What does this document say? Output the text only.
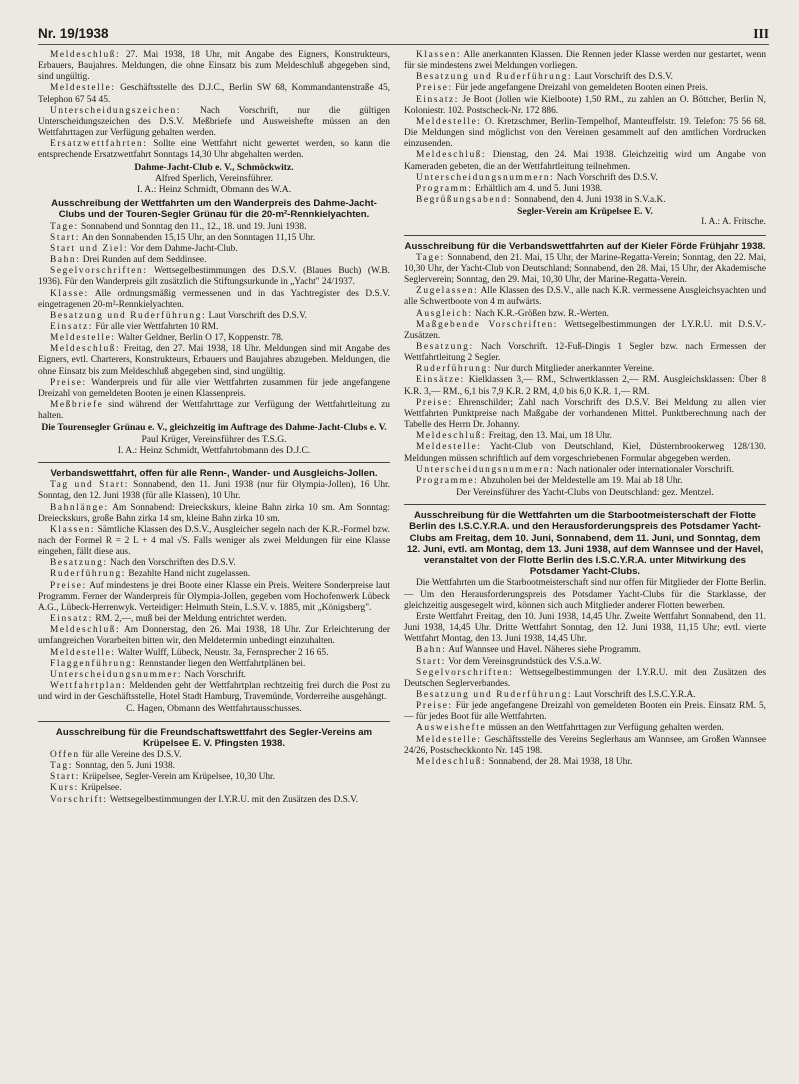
Nr. 19/1938	III

Meldeschluß: 27. Mai 1938, 18 Uhr, mit Angabe des Eigners, Konstrukteurs, Erbauers, Baujahres. Meldungen, die ohne Einsatz bis zum Meldeschluß abgegeben sind, sind ungültig.

Meldestelle: Geschäftsstelle des D.J.C., Berlin SW 68, Kommandantenstraße 45, Telephon 67 54 45.

Unterscheidungszeichen: Nach Vorschrift, nur die gültigen Unterscheidungszeichen des D.S.V. Meßbriefe und Ausweishefte müssen an den Wettfahrttagen zur Verfügung gehalten werden.

Ersatzwettfahrten: Sollte eine Wettfahrt nicht gewertet werden, so kann die entsprechende Ersatzwettfahrt Sonntags 14,30 Uhr abgehalten werden.

Dahme-Jacht-Club e. V., Schmöckwitz.
Alfred Sperlich, Vereinsführer.
I. A.: Heinz Schmidt, Obmann des W.A.
Ausschreibung der Wettfahrten um den Wanderpreis des Dahme-Jacht-Clubs und der Touren-Segler Grünau für die 20-m²-Rennkielyachten.

Tage: Sonnabend und Sonntag den 11., 12., 18. und 19. Juni 1938.

Start: An den Sonnabenden 15,15 Uhr, an den Sonntagen 11,15 Uhr.

Start und Ziel: Vor dem Dahme-Jacht-Club.

Bahn: Drei Runden auf dem Seddinsee.

Segelvorschriften: Wettsegelbestimmungen des D.S.V. (Blaues Buch) (W.B. 1936). Für den Wanderpreis gilt zusätzlich die Stiftungsurkunde in „Yacht" 24/1937.

Klasse: Alle ordnungsmäßig vermessenen und in das Yachtregister des D.S.V. eingetragenen 20-m²-Rennkielyachten.

Besatzung und Ruderführung: Laut Vorschrift des D.S.V.

Einsatz: Für alle vier Wettfahrten 10 RM.

Meldestelle: Walter Geldner, Berlin O 17, Koppenstr. 78.

Meldeschluß: Freitag, den 27. Mai 1938, 18 Uhr. Meldungen sind mit Angabe des Eigners, evtl. Charterers, Konstrukteurs, Erbauers und Baujahres abzugeben. Meldungen, die ohne Einsatz bis zum Meldeschluß abgegeben sind, sind ungültig.

Preise: Wanderpreis und für alle vier Wettfahrten zusammen für jede angefangene Dreizahl von gemeldeten Booten je einen Klassenpreis.

Meßbriefe sind während der Wettfahrttage zur Verfügung der Wettfahrtleitung zu halten.

Die Tourensegler Grünau e. V., gleichzeitig im Auftrage des Dahme-Jacht-Clubs e. V.
Paul Krüger, Vereinsführer des T.S.G.
I. A.: Heinz Schmidt, Wettfahrtobmann des D.J.C.
Verbandswettfahrt, offen für alle Renn-, Wander- und Ausgleichs-Jollen.

Tag und Start: Sonnabend, den 11. Juni 1938 (nur für Olympia-Jollen), 16 Uhr. Sonntag, den 12. Juni 1938 (für alle Klassen), 10 Uhr.

Bahnlänge: Am Sonnabend: Dreieckskurs, kleine Bahn zirka 10 sm. Am Sonntag: Dreieckskurs, große Bahn zirka 14 sm, kleine Bahn zirka 10 sm.

Klassen: Sämtliche Klassen des D.S.V., Ausgleicher segeln nach der K.R.-Formel bzw. nach der Formel R = 2 L + 4 mal √S. Falls weniger als zwei Meldungen für eine Klasse eingehen, fällt diese aus.

Besatzung: Nach den Vorschriften des D.S.V.

Ruderführung: Bezahlte Hand nicht zugelassen.

Preise: Auf mindestens je drei Boote einer Klasse ein Preis. Weitere Sonderpreise laut Programm. Ferner der Wanderpreis für Olympia-Jollen, gegeben vom Hochofenwerk Lübeck A.G., Lübeck-Herrenwyk. Verteidiger: Helmuth Stein, L.S.V. v. 1885, mit „Königsberg".

Einsatz: RM. 2,—, muß bei der Meldung entrichtet werden.

Meldeschluß: Am Donnerstag, den 26. Mai 1938, 18 Uhr. Zur Erleichterung der umfangreichen Vorarbeiten bitten wir, den Meldetermin unbedingt einzuhalten.

Meldestelle: Walter Wulff, Lübeck, Neustr. 3a, Fernsprecher 2 16 65.

Flaggenführung: Rennstander liegen den Wettfahrtplänen bei.

Unterscheidungsnummer: Nach Vorschrift.

Wettfahrtplan: Meldenden geht der Wettfahrtplan rechtzeitig frei durch die Post zu und wird in der Geschäftsstelle, Hotel Stadt Hamburg, Travemünde, Vorderreihe ausgehängt.

C. Hagen, Obmann des Wettfahrtausschusses.
Ausschreibung für die Freundschaftswettfahrt des Segler-Vereins am Krüpelsee E. V. Pfingsten 1938.

Offen für alle Vereine des D.S.V.

Tag: Sonntag, den 5. Juni 1938.

Start: Krüpelsee, Segler-Verein am Krüpelsee, 10,30 Uhr.

Kurs: Krüpelsee.

Vorschrift: Wettsegelbestimmungen der I.Y.R.U. mit den Zusätzen des D.S.V.

Klassen: Alle anerkannten Klassen. Die Rennen jeder Klasse werden nur gestartet, wenn für sie mindestens zwei Meldungen vorliegen.

Besatzung und Ruderführung: Laut Vorschrift des D.S.V.

Preise: Für jede angefangene Dreizahl von gemeldeten Booten einen Preis.

Einsatz: Je Boot (Jollen wie Kielboote) 1,50 RM., zu zahlen an O. Böttcher, Berlin N, Koloniestr. 102. Postscheck-Nr. 172 886.

Meldestelle: O. Kretzschmer, Berlin-Tempelhof, Manteuffelstr. 19. Telefon: 75 56 68. Die Meldungen sind möglichst von den Vereinen gesammelt auf den amtlichen Vordrucken einzusenden.

Meldeschluß: Dienstag, den 24. Mai 1938. Gleichzeitig wird um Angabe von Kameraden gebeten, die an der Wettfahrtleitung teilnehmen.

Unterscheidungsnummern: Nach Vorschrift des D.S.V.

Programm: Erhältlich am 4. und 5. Juni 1938.

Begrüßungsabend: Sonnabend, den 4. Juni 1938 in S.V.a.K.

Segler-Verein am Krüpelsee E. V.
I. A.: A. Fritsche.
Ausschreibung für die Verbandswettfahrten auf der Kieler Förde Frühjahr 1938.

Tage: Sonnabend, den 21. Mai, 15 Uhr, der Marine-Regatta-Verein; Sonntag, den 22. Mai, 10,30 Uhr, der Yacht-Club von Deutschland; Sonnabend, den 28. Mai, 15 Uhr, der Akademische Seglerverein; Sonntag, den 29. Mai, 10,30 Uhr, der Marine-Regatta-Verein.

Zugelassen: Alle Klassen des D.S.V., alle nach K.R. vermessene Ausgleichsyachten und alle Schwertboote von 4 m aufwärts.

Ausgleich: Nach K.R.-Größen bzw. R.-Werten.

Maßgebende Vorschriften: Wettsegelbestimmungen der I.Y.R.U. mit D.S.V.-Zusätzen.

Besatzung: Nach Vorschrift. 12-Fuß-Dingis 1 Segler bzw. nach Ermessen der Wettfahrtleitung 2 Segler.

Ruderführung: Nur durch Mitglieder anerkannter Vereine.

Einsätze: Kielklassen 3,— RM., Schwertklassen 2,— RM. Ausgleichsklassen: Über 8 K.R. 3,— RM., 6,1 bis 7,9 K.R. 2 RM, 4,0 bis 6,0 K.R. 1,— RM.

Preise: Ehrenschilder; Zahl nach Vorschrift des D.S.V. Bei Meldung zu allen vier Wettfahrten Punktpreise nach Maßgabe der vorhandenen Mittel. Punktberechnung nach der Tabelle des Herrn Dr. Johanny.

Meldeschluß: Freitag, den 13. Mai, um 18 Uhr.

Meldestelle: Yacht-Club von Deutschland, Kiel, Düsternbrookerweg 128/130. Meldungen müssen schriftlich auf dem vorgeschriebenen Formular abgegeben werden.

Unterscheidungsnummern: Nach nationaler oder internationaler Vorschrift.

Programme: Abzuholen bei der Meldestelle am 19. Mai ab 18 Uhr.

Der Vereinsführer des Yacht-Clubs von Deutschland: gez. Mentzel.
Ausschreibung für die Wettfahrten um die Starbootmeisterschaft der Flotte Berlin des I.S.C.Y.R.A. und den Herausforderungspreis des Potsdamer Yacht-Clubs am Freitag, dem 10. Juni, Sonnabend, dem 11. Juni, und Sonntag, dem 12. Juni, evtl. am Montag, dem 13. Juni 1938, auf dem Wannsee und der Havel, veranstaltet von der Flotte Berlin des I.S.C.Y.R.A. unter Mitwirkung des Potsdamer Yacht-Clubs.

Die Wettfahrten um die Starbootmeisterschaft sind nur offen für Mitglieder der Flotte Berlin. — Um den Herausforderungspreis des Potsdamer Yacht-Clubs für die Starklasse, der gleichzeitig ausgesegelt wird, können sich auch Mitglieder anderer Flotten bewerben.

Erste Wettfahrt Freitag, den 10. Juni 1938, 14,45 Uhr. Zweite Wettfahrt Sonnabend, den 11. Juni 1938, 14,45 Uhr. Dritte Wettfahrt Sonntag, den 12. Juni 1938, 11,15 Uhr; evtl. vierte Wettfahrt Montag, den 13. Juni 1938, 14,45 Uhr.

Bahn: Auf Wannsee und Havel. Näheres siehe Programm.

Start: Vor dem Vereinsgrundstück des V.S.a.W.

Segelvorschriften: Wettsegelbestimmungen der I.Y.R.U. mit den Zusätzen des Deutschen Seglerverbandes.

Besatzung und Ruderführung: Laut Vorschrift des I.S.C.Y.R.A.

Preise: Für jede angefangene Dreizahl von gemeldeten Booten ein Preis. Einsatz RM. 5,— für jedes Boot für alle Wettfahrten.

Ausweishefte müssen an den Wettfahrttagen zur Verfügung gehalten werden.

Meldestelle: Geschäftsstelle des Vereins Seglerhaus am Wannsee, am Großen Wannsee 24/26, Postscheckkonto Nr. 145 198.

Meldeschluß: Sonnabend, der 28. Mai 1938, 18 Uhr.
